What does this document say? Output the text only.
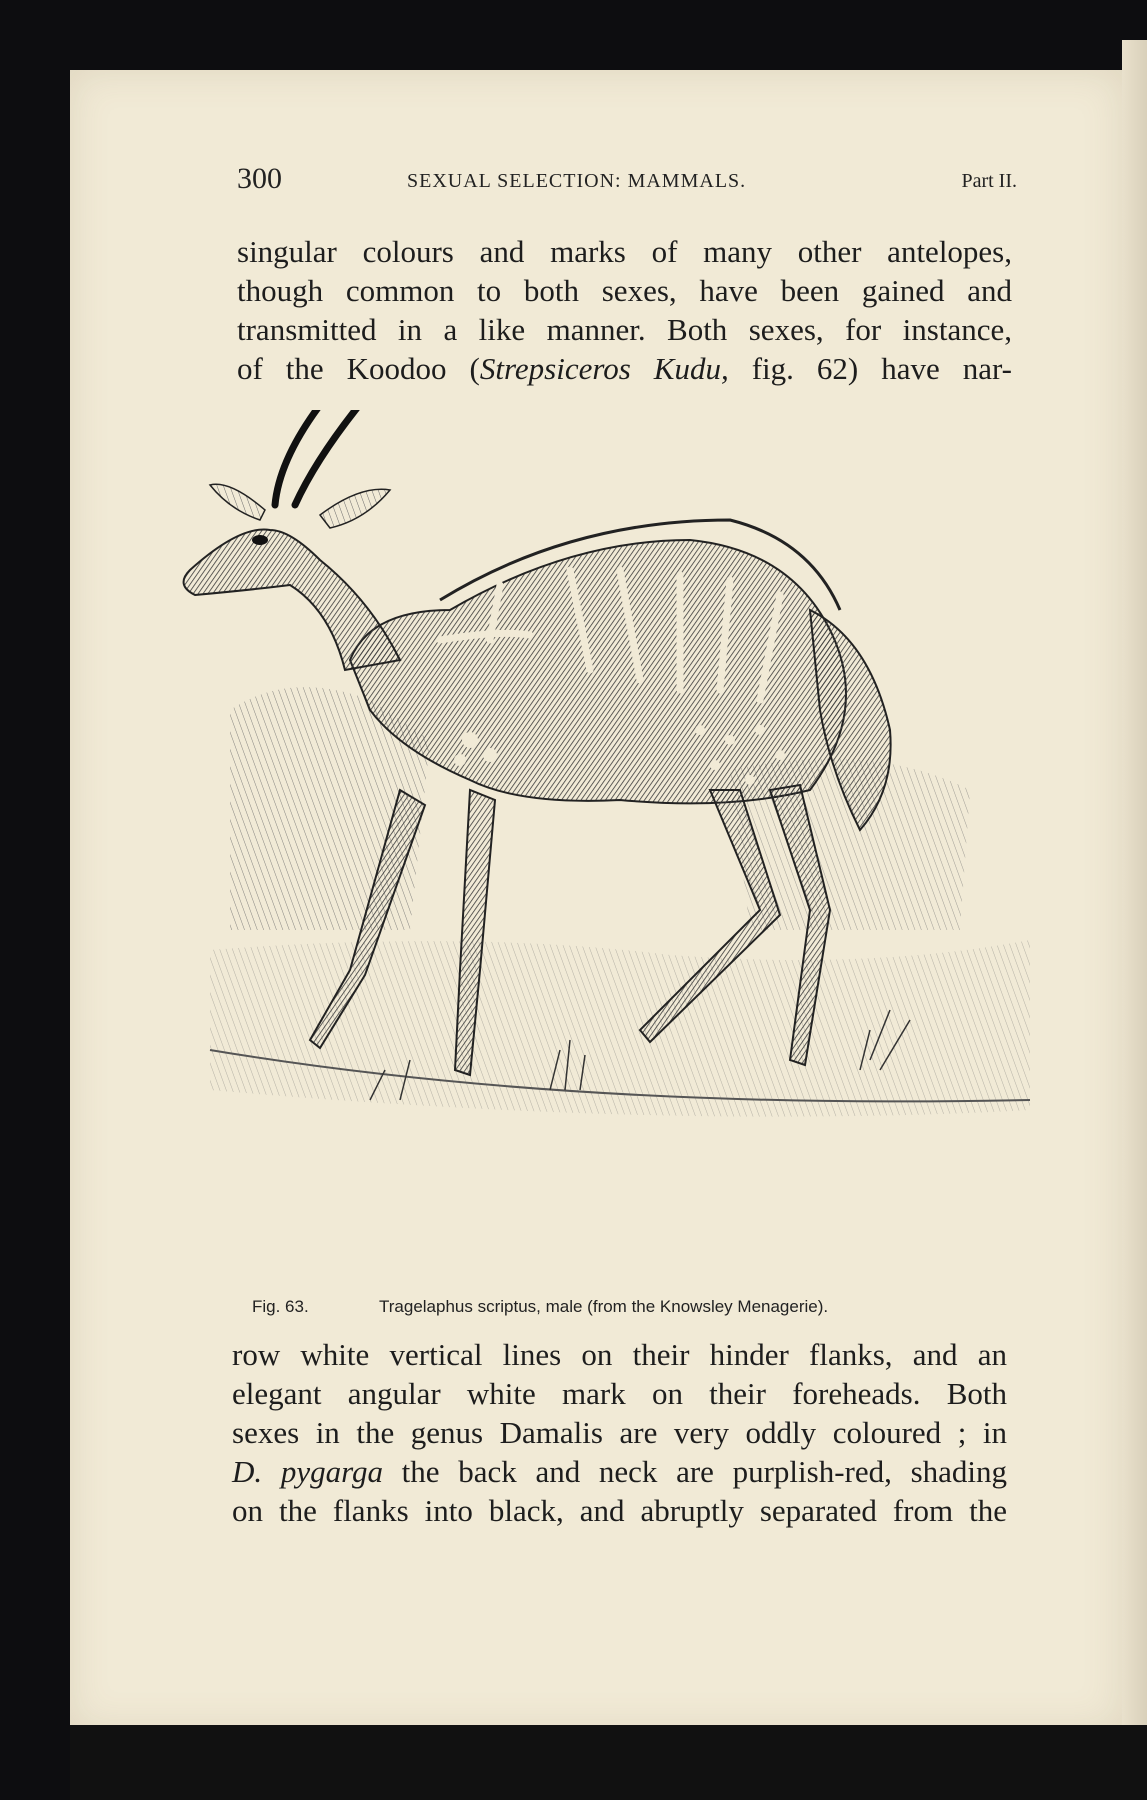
300	SEXUAL SELECTION: MAMMALS.	Part II.
singular colours and marks of many other antelopes,
though common to both sexes, have been gained and
transmitted in a like manner. Both sexes, for instance,
of the Koodoo (Strepsiceros Kudu, fig. 62) have nar-
Fig. 63.	Tragelaphus scriptus, male (from the Knowsley Menagerie).
row white vertical lines on their hinder flanks, and an
elegant angular white mark on their foreheads. Both
sexes in the genus Damalis are very oddly coloured ; in
D. pygarga the back and neck are purplish-red, shading
on the flanks into black, and abruptly separated from the
